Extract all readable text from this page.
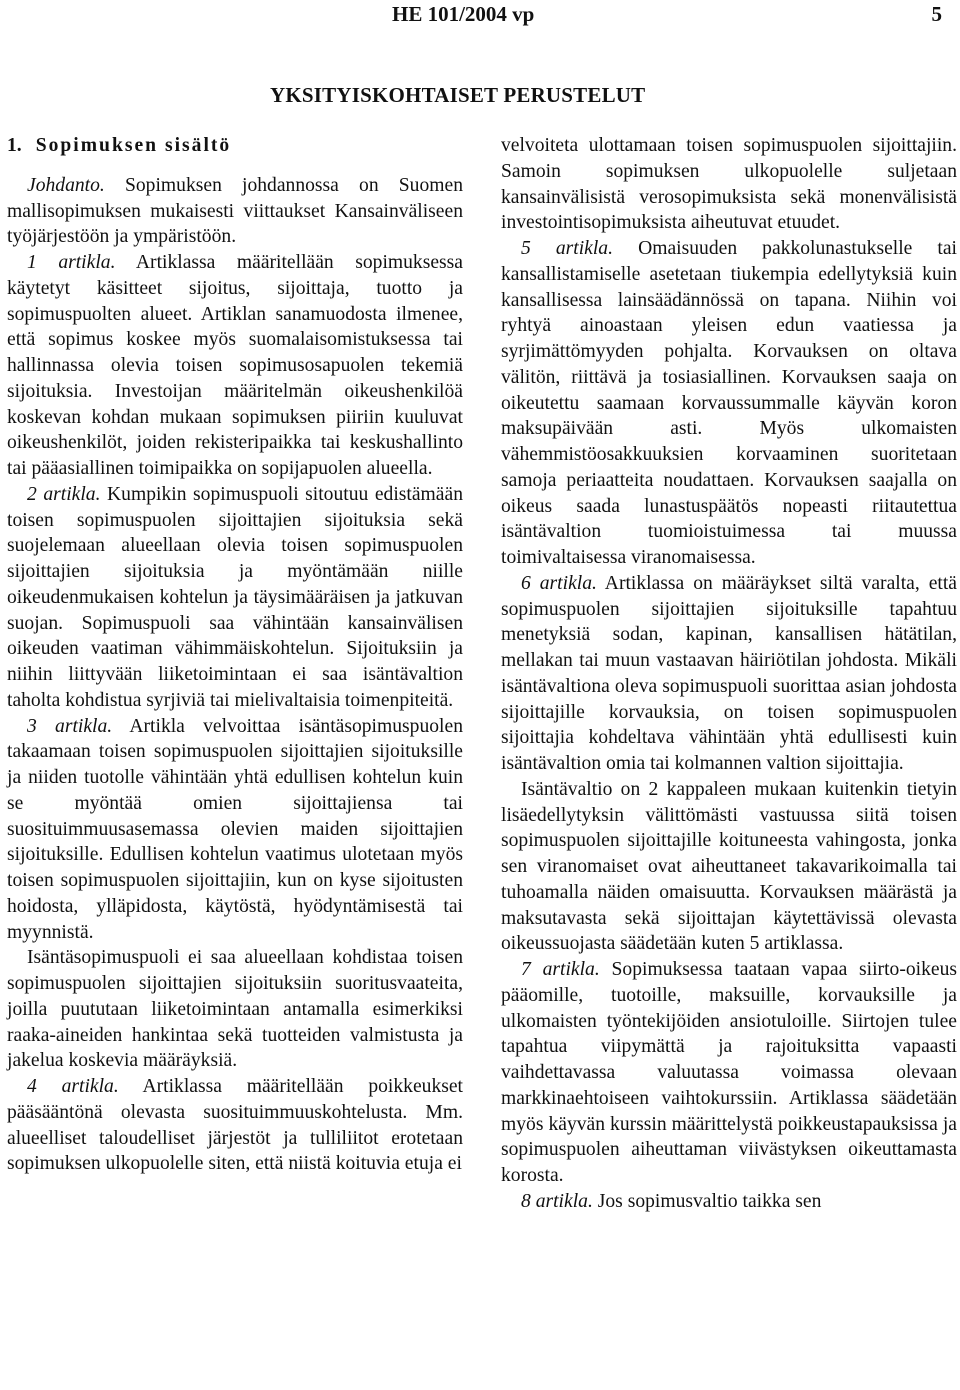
HE 101/2004 vp	5
YKSITYISKOHTAISET PERUSTELUT
1. Sopimuksen sisältö

Johdanto. Sopimuksen johdannossa on Suomen mallisopimuksen mukaisesti viittaukset Kansainväliseen työjärjestöön ja ympäristöön.

1 artikla. Artiklassa määritellään sopimuksessa käytetyt käsitteet sijoitus, sijoittaja, tuotto ja sopimuspuolten alueet. Artiklan sanamuodosta ilmenee, että sopimus koskee myös suomalaisomistuksessa tai hallinnassa olevia toisen sopimusosapuolen tekemiä sijoituksia. Investoijan määritelmän oikeushenkilöä koskevan kohdan mukaan sopimuksen piiriin kuuluvat oikeushenkilöt, joiden rekisteripaikka tai keskushallinto tai pääasiallinen toimipaikka on sopijapuolen alueella.

2 artikla. Kumpikin sopimuspuoli sitoutuu edistämään toisen sopimuspuolen sijoittajien sijoituksia sekä suojelemaan alueellaan olevia toisen sopimuspuolen sijoittajien sijoituksia ja myöntämään niille oikeudenmukaisen kohtelun ja täysimääräisen ja jatkuvan suojan. Sopimuspuoli saa vähintään kansainvälisen oikeuden vaatiman vähimmäiskohtelun. Sijoituksiin ja niihin liittyvään liiketoimintaan ei saa isäntävaltion taholta kohdistua syrjiviä tai mielivaltaisia toimenpiteitä.

3 artikla. Artikla velvoittaa isäntäsopimuspuolen takaamaan toisen sopimuspuolen sijoittajien sijoituksille ja niiden tuotolle vähintään yhtä edullisen kohtelun kuin se myöntää omien sijoittajiensa tai suosituimmuusasemassa olevien maiden sijoittajien sijoituksille. Edullisen kohtelun vaatimus ulotetaan myös toisen sopimuspuolen sijoittajiin, kun on kyse sijoitusten hoidosta, ylläpidosta, käytöstä, hyödyntämisestä tai myynnistä.

Isäntäsopimuspuoli ei saa alueellaan kohdistaa toisen sopimuspuolen sijoittajien sijoituksiin suoritusvaateita, joilla puututaan liiketoimintaan antamalla esimerkiksi raaka-aineiden hankintaa sekä tuotteiden valmistusta ja jakelua koskevia määräyksiä.

4 artikla. Artiklassa määritellään poikkeukset pääsääntönä olevasta suosituimmuuskohtelusta. Mm. alueelliset taloudelliset järjestöt ja tulliliitot erotetaan sopimuksen ulkopuolelle siten, että niistä koituvia etuja ei

velvoiteta ulottamaan toisen sopimuspuolen sijoittajiin. Samoin sopimuksen ulkopuolelle suljetaan kansainvälisistä verosopimuksista sekä monenvälisistä investointisopimuksista aiheutuvat etuudet.

5 artikla. Omaisuuden pakkolunastukselle tai kansallistamiselle asetetaan tiukempia edellytyksiä kuin kansallisessa lainsäädännössä on tapana. Niihin voi ryhtyä ainoastaan yleisen edun vaatiessa ja syrjimättömyyden pohjalta. Korvauksen on oltava välitön, riittävä ja tosiasiallinen. Korvauksen saaja on oikeutettu saamaan korvaussummalle käyvän koron maksupäivään asti. Myös ulkomaisten vähemmistöosakkuuksien korvaaminen suoritetaan samoja periaatteita noudattaen. Korvauksen saajalla on oikeus saada lunastuspäätös nopeasti riitautettua isäntävaltion tuomioistuimessa tai muussa toimivaltaisessa viranomaisessa.

6 artikla. Artiklassa on määräykset siltä varalta, että sopimuspuolen sijoittajien sijoituksille tapahtuu menetyksiä sodan, kapinan, kansallisen hätätilan, mellakan tai muun vastaavan häiriötilan johdosta. Mikäli isäntävaltiona oleva sopimuspuoli suorittaa asian johdosta sijoittajille korvauksia, on toisen sopimuspuolen sijoittajia kohdeltava vähintään yhtä edullisesti kuin isäntävaltion omia tai kolmannen valtion sijoittajia.

Isäntävaltio on 2 kappaleen mukaan kuitenkin tietyin lisäedellytyksin välittömästi vastuussa siitä toisen sopimuspuolen sijoittajille koituneesta vahingosta, jonka sen viranomaiset ovat aiheuttaneet takavarikoimalla tai tuhoamalla näiden omaisuutta. Korvauksen määrästä ja maksutavasta sekä sijoittajan käytettävissä olevasta oikeussuojasta säädetään kuten 5 artiklassa.

7 artikla. Sopimuksessa taataan vapaa siirto-oikeus pääomille, tuotoille, maksuille, korvauksille ja ulkomaisten työntekijöiden ansiotuloille. Siirtojen tulee tapahtua viipymättä ja rajoituksitta vapaasti vaihdettavassa valuutassa voimassa olevaan markkinaehtoiseen vaihtokurssiin. Artiklassa säädetään myös käyvän kurssin määrittelystä poikkeustapauksissa ja sopimuspuolen aiheuttaman viivästyksen oikeuttamasta korosta.

8 artikla. Jos sopimusvaltio taikka sen
